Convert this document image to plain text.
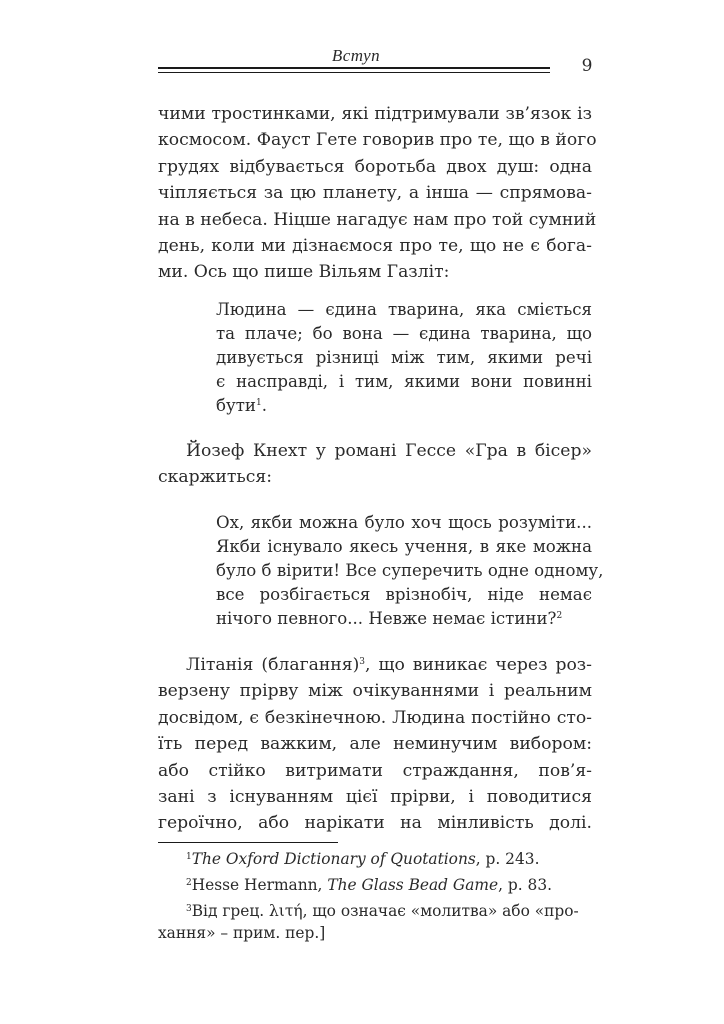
Вступ
9

чими тростинками, які підтримували зв’язок із
космосом. Фауст Гете говорив про те, що в його
грудях відбувається боротьба двох душ: одна
чіпляється за цю планету, а інша — спрямова-
на в небеса. Ніцше нагадує нам про той сумний
день, коли ми дізнаємося про те, що не є бога-
ми. Ось що пише Вільям Газліт:

Людина — єдина тварина, яка сміється
та плаче; бо вона — єдина тварина, що
дивується різниці між тим, якими речі
є насправді, і тим, якими вони повинні
бути$^1$.

Йозеф Кнехт у романі Гессе «Гра в бісер»
скаржиться:

Ох, якби можна було хоч щось розуміти...
Якби існувало якесь учення, в яке можна
було б вірити! Все суперечить одне одному,
все розбігається врізнобіч, ніде немає
нічого певного... Невже немає істини?$^2$

Літанія (благання)$^3$, що виникає через роз-
верзену прірву між очікуваннями і реальним
досвідом, є безкінечною. Людина постійно сто-
їть перед важким, але неминучим вибором:
або стійко витримати страждання, пов’я-
зані з існуванням цієї прірви, і поводитися
героїчно, або нарікати на мінливість долі.

$^1$The Oxford Dictionary of Quotations, p. 243.

$^2$Hesse Hermann, The Glass Bead Game, p. 83.

$^3$Від грец. λιτή, що означає «молитва» або «про-
хання» – прим. пер.]
